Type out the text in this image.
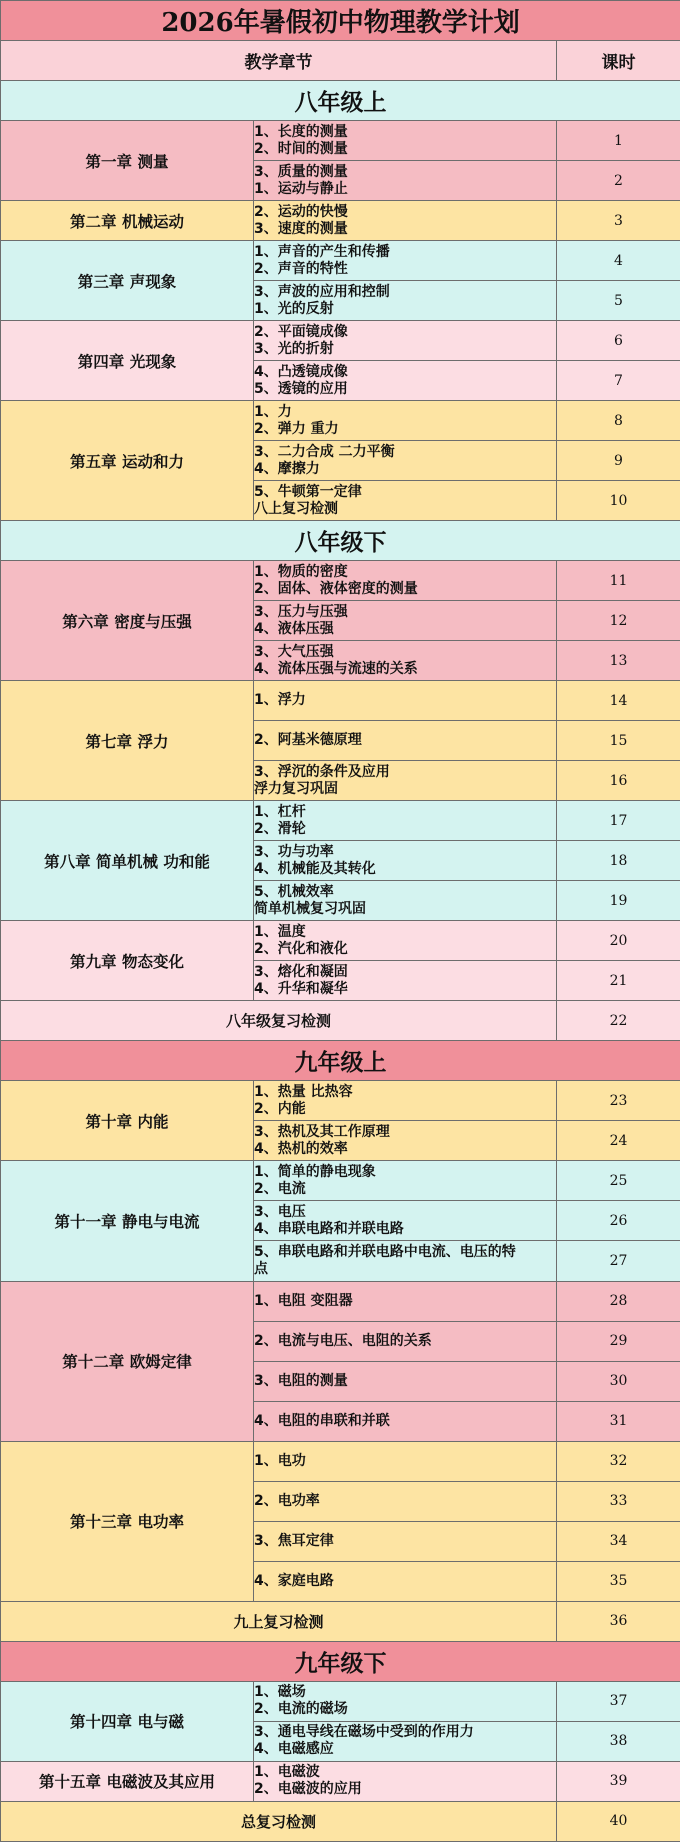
2026年暑假初中物理教学计划		
教学章节		课时
八年级上		
第一章 测量	1、长度的测量
2、时间的测量	1

	3、质量的测量
1、运动与静止	2
第二章 机械运动	2、运动的快慢
3、速度的测量	3
第三章 声现象	1、声音的产生和传播
2、声音的特性	4

	3、声波的应用和控制
1、光的反射	5
第四章 光现象	2、平面镜成像
3、光的折射	6

	4、凸透镜成像
5、透镜的应用	7
第五章 运动和力	1、力
2、弹力 重力	8

	3、二力合成 二力平衡
4、摩擦力	9

	5、牛顿第一定律
八上复习检测	10
八年级下		
第六章 密度与压强	1、物质的密度
2、固体、液体密度的测量	11

	3、压力与压强
4、液体压强	12

	3、大气压强
4、流体压强与流速的关系	13
第七章 浮力	1、浮力	14

	2、阿基米德原理	15

	3、浮沉的条件及应用
浮力复习巩固	16
第八章 简单机械 功和能	1、杠杆
2、滑轮	17

	3、功与功率
4、机械能及其转化	18

	5、机械效率
简单机械复习巩固	19
第九章 物态变化	1、温度
2、汽化和液化	20

	3、熔化和凝固
4、升华和凝华	21
八年级复习检测		22
九年级上		
第十章 内能	1、热量 比热容
2、内能	23

	3、热机及其工作原理
4、热机的效率	24
第十一章 静电与电流	1、简单的静电现象
2、电流	25

	3、电压
4、串联电路和并联电路	26

	5、串联电路和并联电路中电流、电压的特
点	27
第十二章 欧姆定律	1、电阻 变阻器	28

	2、电流与电压、电阻的关系	29

	3、电阻的测量	30

	4、电阻的串联和并联	31
第十三章 电功率	1、电功	32

	2、电功率	33

	3、焦耳定律	34

	4、家庭电路	35
九上复习检测		36
九年级下		
第十四章 电与磁	1、磁场
2、电流的磁场	37

	3、通电导线在磁场中受到的作用力
4、电磁感应	38
第十五章 电磁波及其应用	1、电磁波
2、电磁波的应用	39
总复习检测		40
